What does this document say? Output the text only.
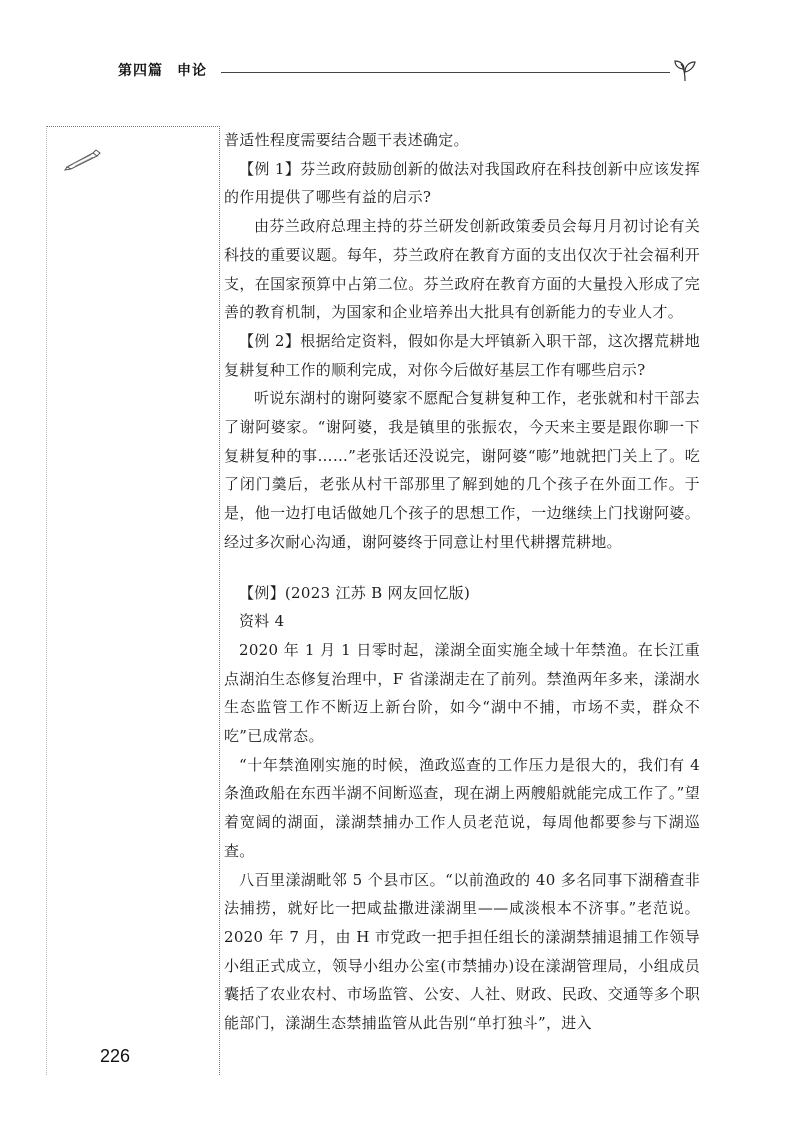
第四篇 申论

普适性程度需要结合题干表述确定。

【例 1】芬兰政府鼓励创新的做法对我国政府在科技创新中应该发挥的作用提供了哪些有益的启示?

由芬兰政府总理主持的芬兰研发创新政策委员会每月月初讨论有关科技的重要议题。每年，芬兰政府在教育方面的支出仅次于社会福利开支，在国家预算中占第二位。芬兰政府在教育方面的大量投入形成了完善的教育机制，为国家和企业培养出大批具有创新能力的专业人才。

【例 2】根据给定资料，假如你是大坪镇新入职干部，这次撂荒耕地复耕复种工作的顺利完成，对你今后做好基层工作有哪些启示?

听说东湖村的谢阿婆家不愿配合复耕复种工作，老张就和村干部去了谢阿婆家。“谢阿婆，我是镇里的张振农，今天来主要是跟你聊一下复耕复种的事……”老张话还没说完，谢阿婆“嘭”地就把门关上了。吃了闭门羹后，老张从村干部那里了解到她的几个孩子在外面工作。于是，他一边打电话做她几个孩子的思想工作，一边继续上门找谢阿婆。经过多次耐心沟通，谢阿婆终于同意让村里代耕撂荒耕地。

【例】(2023 江苏 B 网友回忆版)

资料 4

2020 年 1 月 1 日零时起，漾湖全面实施全域十年禁渔。在长江重点湖泊生态修复治理中，F 省漾湖走在了前列。禁渔两年多来，漾湖水生态监管工作不断迈上新台阶，如今“湖中不捕，市场不卖，群众不吃”已成常态。

“十年禁渔刚实施的时候，渔政巡查的工作压力是很大的，我们有 4 条渔政船在东西半湖不间断巡查，现在湖上两艘船就能完成工作了。”望着宽阔的湖面，漾湖禁捕办工作人员老范说，每周他都要参与下湖巡查。

八百里漾湖毗邻 5 个县市区。“以前渔政的 40 多名同事下湖稽查非法捕捞，就好比一把咸盐撒进漾湖里——咸淡根本不济事。”老范说。2020 年 7 月，由 H 市党政一把手担任组长的漾湖禁捕退捕工作领导小组正式成立，领导小组办公室(市禁捕办)设在漾湖管理局，小组成员囊括了农业农村、市场监管、公安、人社、财政、民政、交通等多个职能部门，漾湖生态禁捕监管从此告别“单打独斗”，进入

226
